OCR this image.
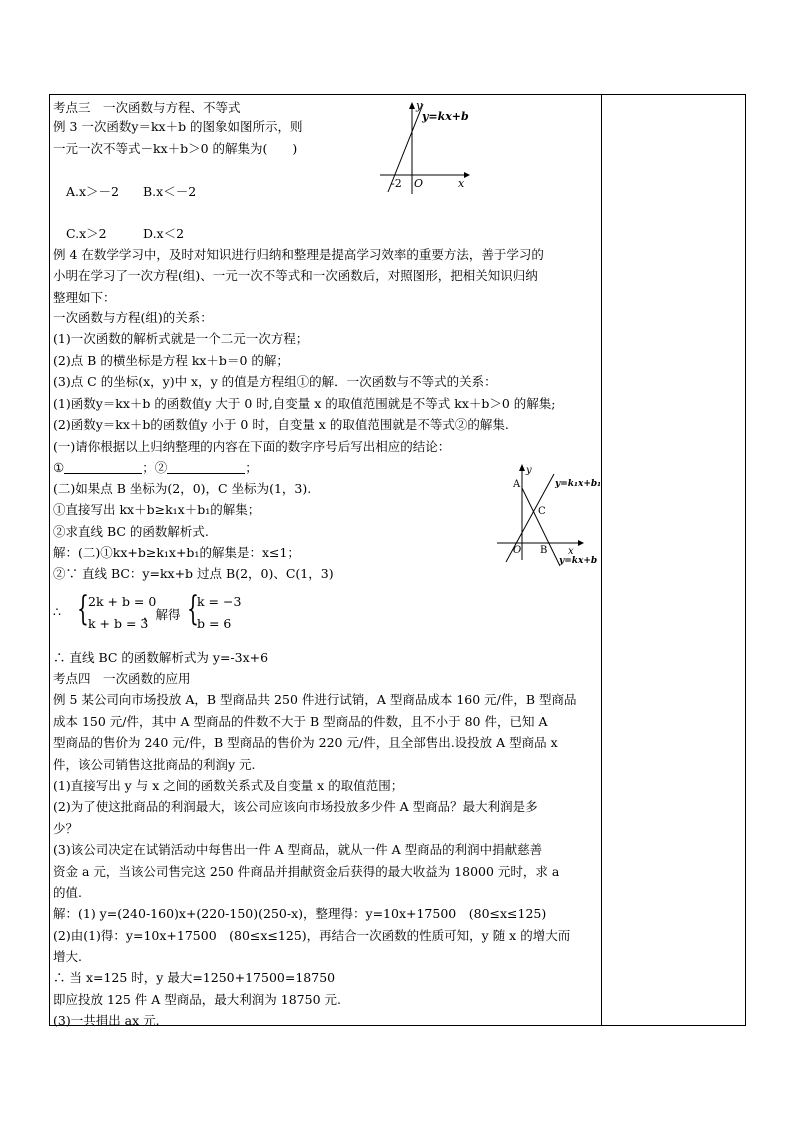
考点三　一次函数与方程、不等式
例 3 一次函数y＝kx＋b 的图象如图所示，则
一元一次不等式－kx＋b＞0 的解集为(　　)
A.x＞－2	B.x＜－2
C.x＞2	D.x＜2
y=kx+b
y
x
O
-2
例 4 在数学学习中，及时对知识进行归纳和整理是提高学习效率的重要方法，善于学习的
小明在学习了一次方程(组)、一元一次不等式和一次函数后，对照图形，把相关知识归纳
整理如下：
一次函数与方程(组)的关系：
(1)一次函数的解析式就是一个二元一次方程；
(2)点 B 的横坐标是方程 kx＋b＝0 的解；
(3)点 C 的坐标(x，y)中 x，y 的值是方程组①的解．一次函数与不等式的关系：
(1)函数y＝kx＋b 的函数值y 大于 0 时,自变量 x 的取值范围就是不等式 kx＋b＞0 的解集;
(2)函数y＝kx＋b的函数值y 小于 0 时，自变量 x 的取值范围就是不等式②的解集.
(一)请你根据以上归纳整理的内容在下面的数字序号后写出相应的结论：
①	；②	；
(二)如果点 B 坐标为(2，0)，C 坐标为(1，3).
①直接写出 kx＋b≥k₁x＋b₁的解集；
②求直线 BC 的函数解析式.
解：(二)①kx+b≥k₁x+b₁的解集是：x≤1；
②∵ 直线 BC：y=kx+b 过点 B(2，0)、C(1，3)
y=k₁x+b₁
y=kx+b
A
B
C
O	x
y
∴ { 2k + b = 0
k + b = 3
，解得 {
k = −3
b = 6
∴ 直线 BC 的函数解析式为 y=-3x+6
考点四　一次函数的应用
例 5 某公司向市场投放 A，B 型商品共 250 件进行试销，A 型商品成本 160 元/件，B 型商品
成本 150 元/件，其中 A 型商品的件数不大于 B 型商品的件数，且不小于 80 件，已知 A
型商品的售价为 240 元/件，B 型商品的售价为 220 元/件，且全部售出.设投放 A 型商品 x
件，该公司销售这批商品的利润y 元.
(1)直接写出 y 与 x 之间的函数关系式及自变量 x 的取值范围；
(2)为了使这批商品的利润最大，该公司应该向市场投放多少件 A 型商品？最大利润是多
少？
(3)该公司决定在试销活动中每售出一件 A 型商品，就从一件 A 型商品的利润中捐献慈善
资金 a 元，当该公司售完这 250 件商品并捐献资金后获得的最大收益为 18000 元时，求 a
的值.
解：(1) y=(240-160)x+(220-150)(250-x)，整理得：y=10x+17500　(80≤x≤125)
(2)由(1)得：y=10x+17500　(80≤x≤125)，再结合一次函数的性质可知，y 随 x 的增大而
增大.
∴ 当 x=125 时，y 最大=1250+17500=18750
即应投放 125 件 A 型商品，最大利润为 18750 元.
(3)一共捐出 ax 元.
